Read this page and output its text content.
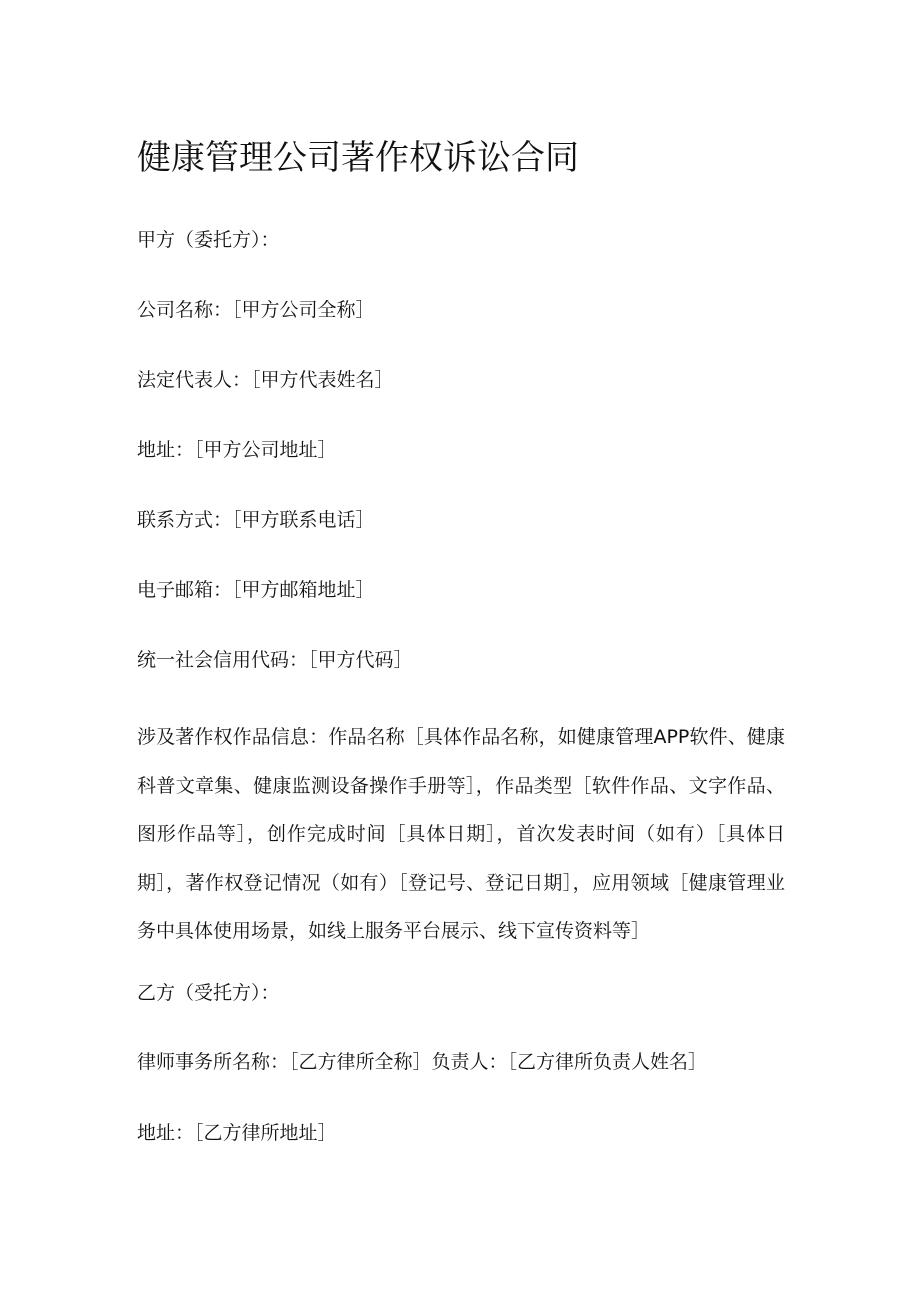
健康管理公司著作权诉讼合同

甲方（委托方）：

公司名称：［甲方公司全称］

法定代表人：［甲方代表姓名］

地址：［甲方公司地址］

联系方式：［甲方联系电话］

电子邮箱：［甲方邮箱地址］

统一社会信用代码：［甲方代码］

涉及著作权作品信息：作品名称［具体作品名称，如健康管理APP软件、健康科普文章集、健康监测设备操作手册等］，作品类型［软件作品、文字作品、图形作品等］，创作完成时间［具体日期］，首次发表时间（如有）［具体日期］，著作权登记情况（如有）［登记号、登记日期］，应用领域［健康管理业务中具体使用场景，如线上服务平台展示、线下宣传资料等］

乙方（受托方）：

律师事务所名称：［乙方律所全称］负责人：［乙方律所负责人姓名］

地址：［乙方律所地址］
